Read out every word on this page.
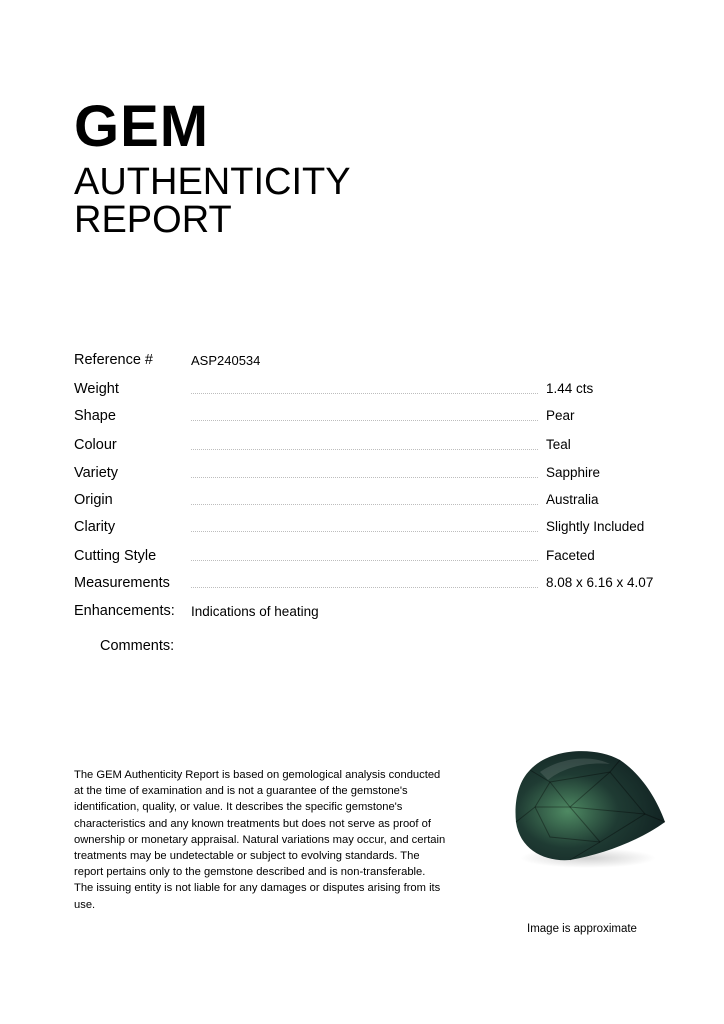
GEM
AUTHENTICITY
REPORT
Reference #	ASP240534
Weight	1.44 cts
Shape	Pear
Colour	Teal
Variety	Sapphire
Origin	Australia
Clarity	Slightly Included
Cutting Style	Faceted
Measurements	8.08 x 6.16 x 4.07
Enhancements: Indications of heating
Comments:

The GEM Authenticity Report is based on gemological analysis conducted at the time of examination and is not a guarantee of the gemstone's identification, quality, or value. It describes the specific gemstone's characteristics and any known treatments but does not serve as proof of ownership or monetary appraisal. Natural variations may occur, and certain treatments may be undetectable or subject to evolving standards. The report pertains only to the gemstone described and is non-transferable. The issuing entity is not liable for any damages or disputes arising from its use.

Image is approximate
